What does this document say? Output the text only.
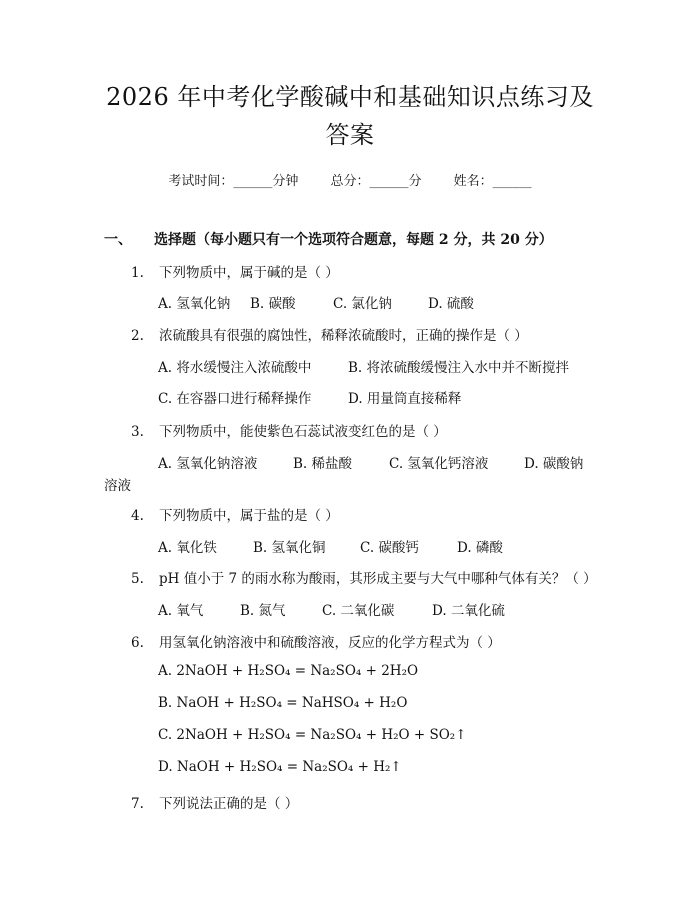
2026 年中考化学酸碱中和基础知识点练习及
答案
考试时间：______分钟 总分：______分 姓名：______
一、 选择题（每小题只有一个选项符合题意，每题 2 分，共 20 分）
1. 下列物质中，属于碱的是（ ）
A. 氢氧化钠 B. 碳酸	C. 氯化钠	D. 硫酸
2. 浓硫酸具有很强的腐蚀性，稀释浓硫酸时，正确的操作是（ ）
A. 将水缓慢注入浓硫酸中	B. 将浓硫酸缓慢注入水中并不断搅拌
C. 在容器口进行稀释操作	D. 用量筒直接稀释
3. 下列物质中，能使紫色石蕊试液变红色的是（ ）
A. 氢氧化钠溶液	B. 稀盐酸	C. 氢氧化钙溶液	D. 碳酸钠
溶液
4. 下列物质中，属于盐的是（ ）
A. 氧化铁	B. 氢氧化铜	C. 碳酸钙	D. 磷酸
5. pH 值小于 7 的雨水称为酸雨，其形成主要与大气中哪种气体有关？（ ）
A. 氧气	B. 氮气	C. 二氧化碳	D. 二氧化硫
6. 用氢氧化钠溶液中和硫酸溶液，反应的化学方程式为（ ）
A. 2NaOH + H₂SO₄ = Na₂SO₄ + 2H₂O
B. NaOH + H₂SO₄ = NaHSO₄ + H₂O
C. 2NaOH + H₂SO₄ = Na₂SO₄ + H₂O + SO₂↑
D. NaOH + H₂SO₄ = Na₂SO₄ + H₂↑
7. 下列说法正确的是（ ）
